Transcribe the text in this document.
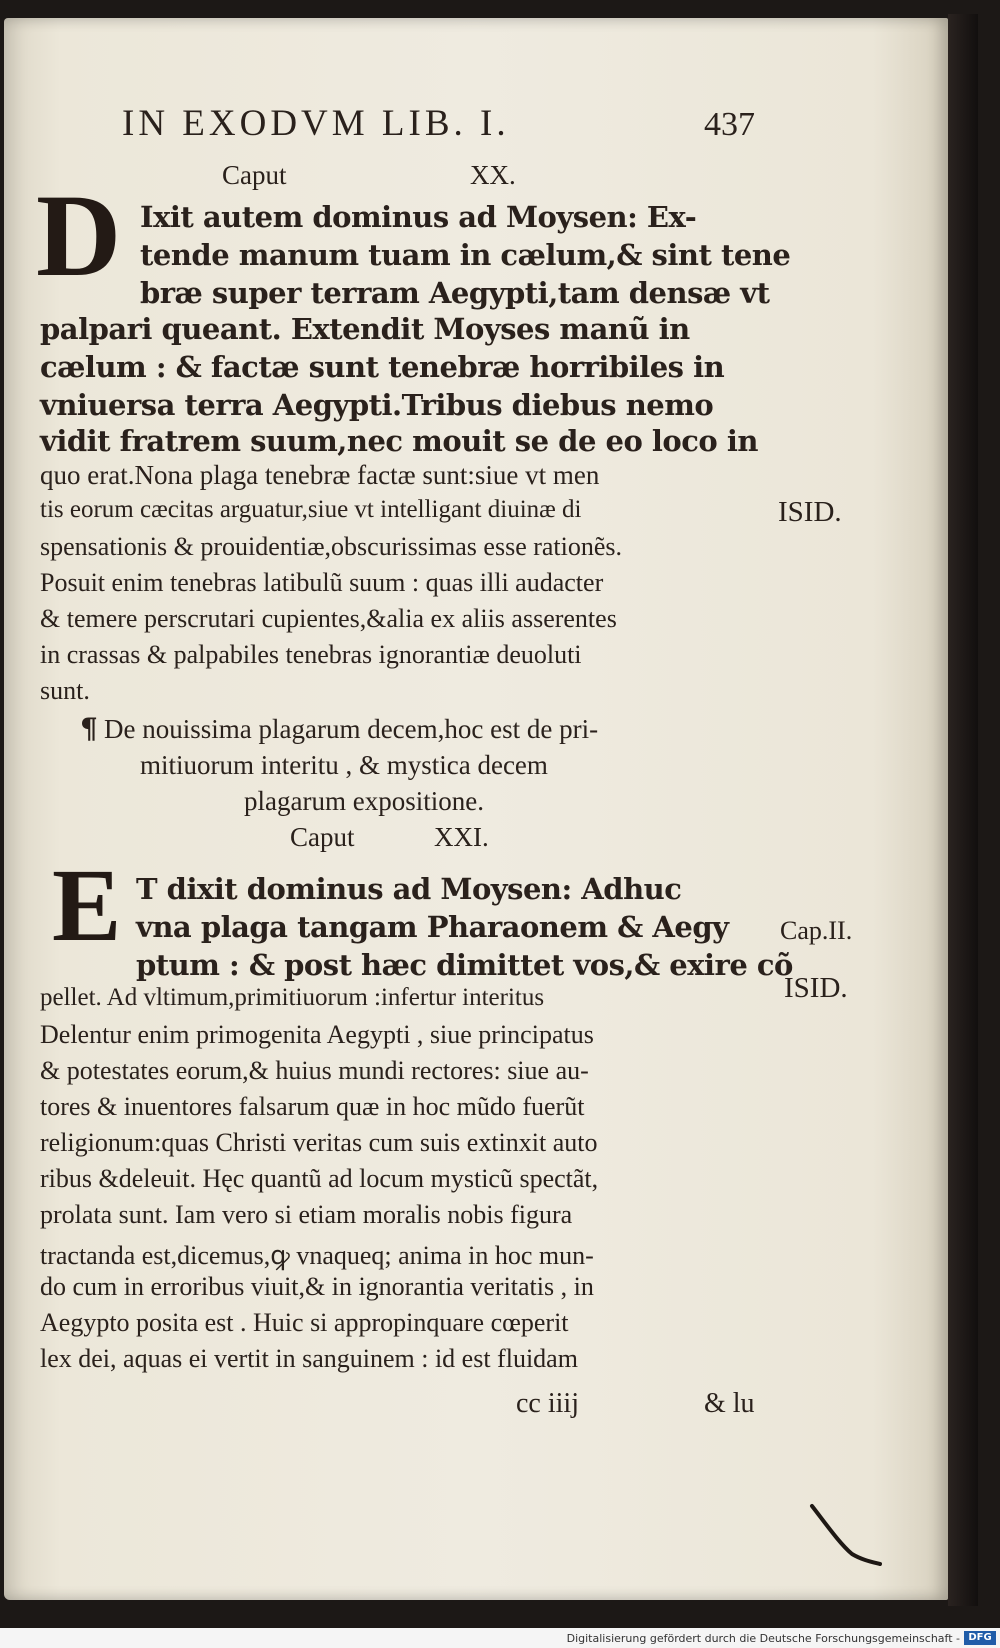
IN EXODVM LIB. I.	437
Caput	XX.
D Ixit autem dominus ad Moysen: Ex-
tende manum tuam in cælum,& sint tene
bræ super terram Aegypti,tam densæ vt
palpari queant. Extendit Moyses manũ in
cælum : & factæ sunt tenebræ horribiles in
vniuersa terra Aegypti.Tribus diebus nemo
vidit fratrem suum,nec mouit se de eo loco in
quo erat.Nona plaga tenebræ factæ sunt:siue vt men
tis eorum cæcitas arguatur,siue vt intelligant diuinæ di
spensationis & prouidentiæ,obscurissimas esse rationẽs.
Posuit enim tenebras latibulũ suum : quas illi audacter
& temere perscrutari cupientes,&alia ex aliis asserentes
in crassas & palpabiles tenebras ignorantiæ deuoluti
sunt.
¶ De nouissima plagarum decem,hoc est de pri-
mitiuorum interitu , & mystica decem
plagarum expositione.
Caput	XXI.
E T dixit dominus ad Moysen: Adhuc
vna plaga tangam Pharaonem & Aegy
ptum : & post hæc dimittet vos,& exire cõ
pellet. Ad vltimum,primitiuorum :infertur interitus
Delentur enim primogenita Aegypti , siue principatus
& potestates eorum,& huius mundi rectores: siue au-
tores & inuentores falsarum quæ in hoc mũdo fuerũt
religionum:quas Christi veritas cum suis extinxit auto
ribus &deleuit. Hęc quantũ ad locum mysticũ spectãt,
prolata sunt. Iam vero si etiam moralis nobis figura
tractanda est,dicemus,ꝙ vnaqueq; anima in hoc mun-
do cum in erroribus viuit,& in ignorantia veritatis , in
Aegypto posita est . Huic si appropinquare cœperit
lex dei, aquas ei vertit in sanguinem : id est fluidam
cc iiij	& lu
ISID.
Cap.II.
ISID.
Digitalisierung gefördert durch die Deutsche Forschungsgemeinschaft - DFG
